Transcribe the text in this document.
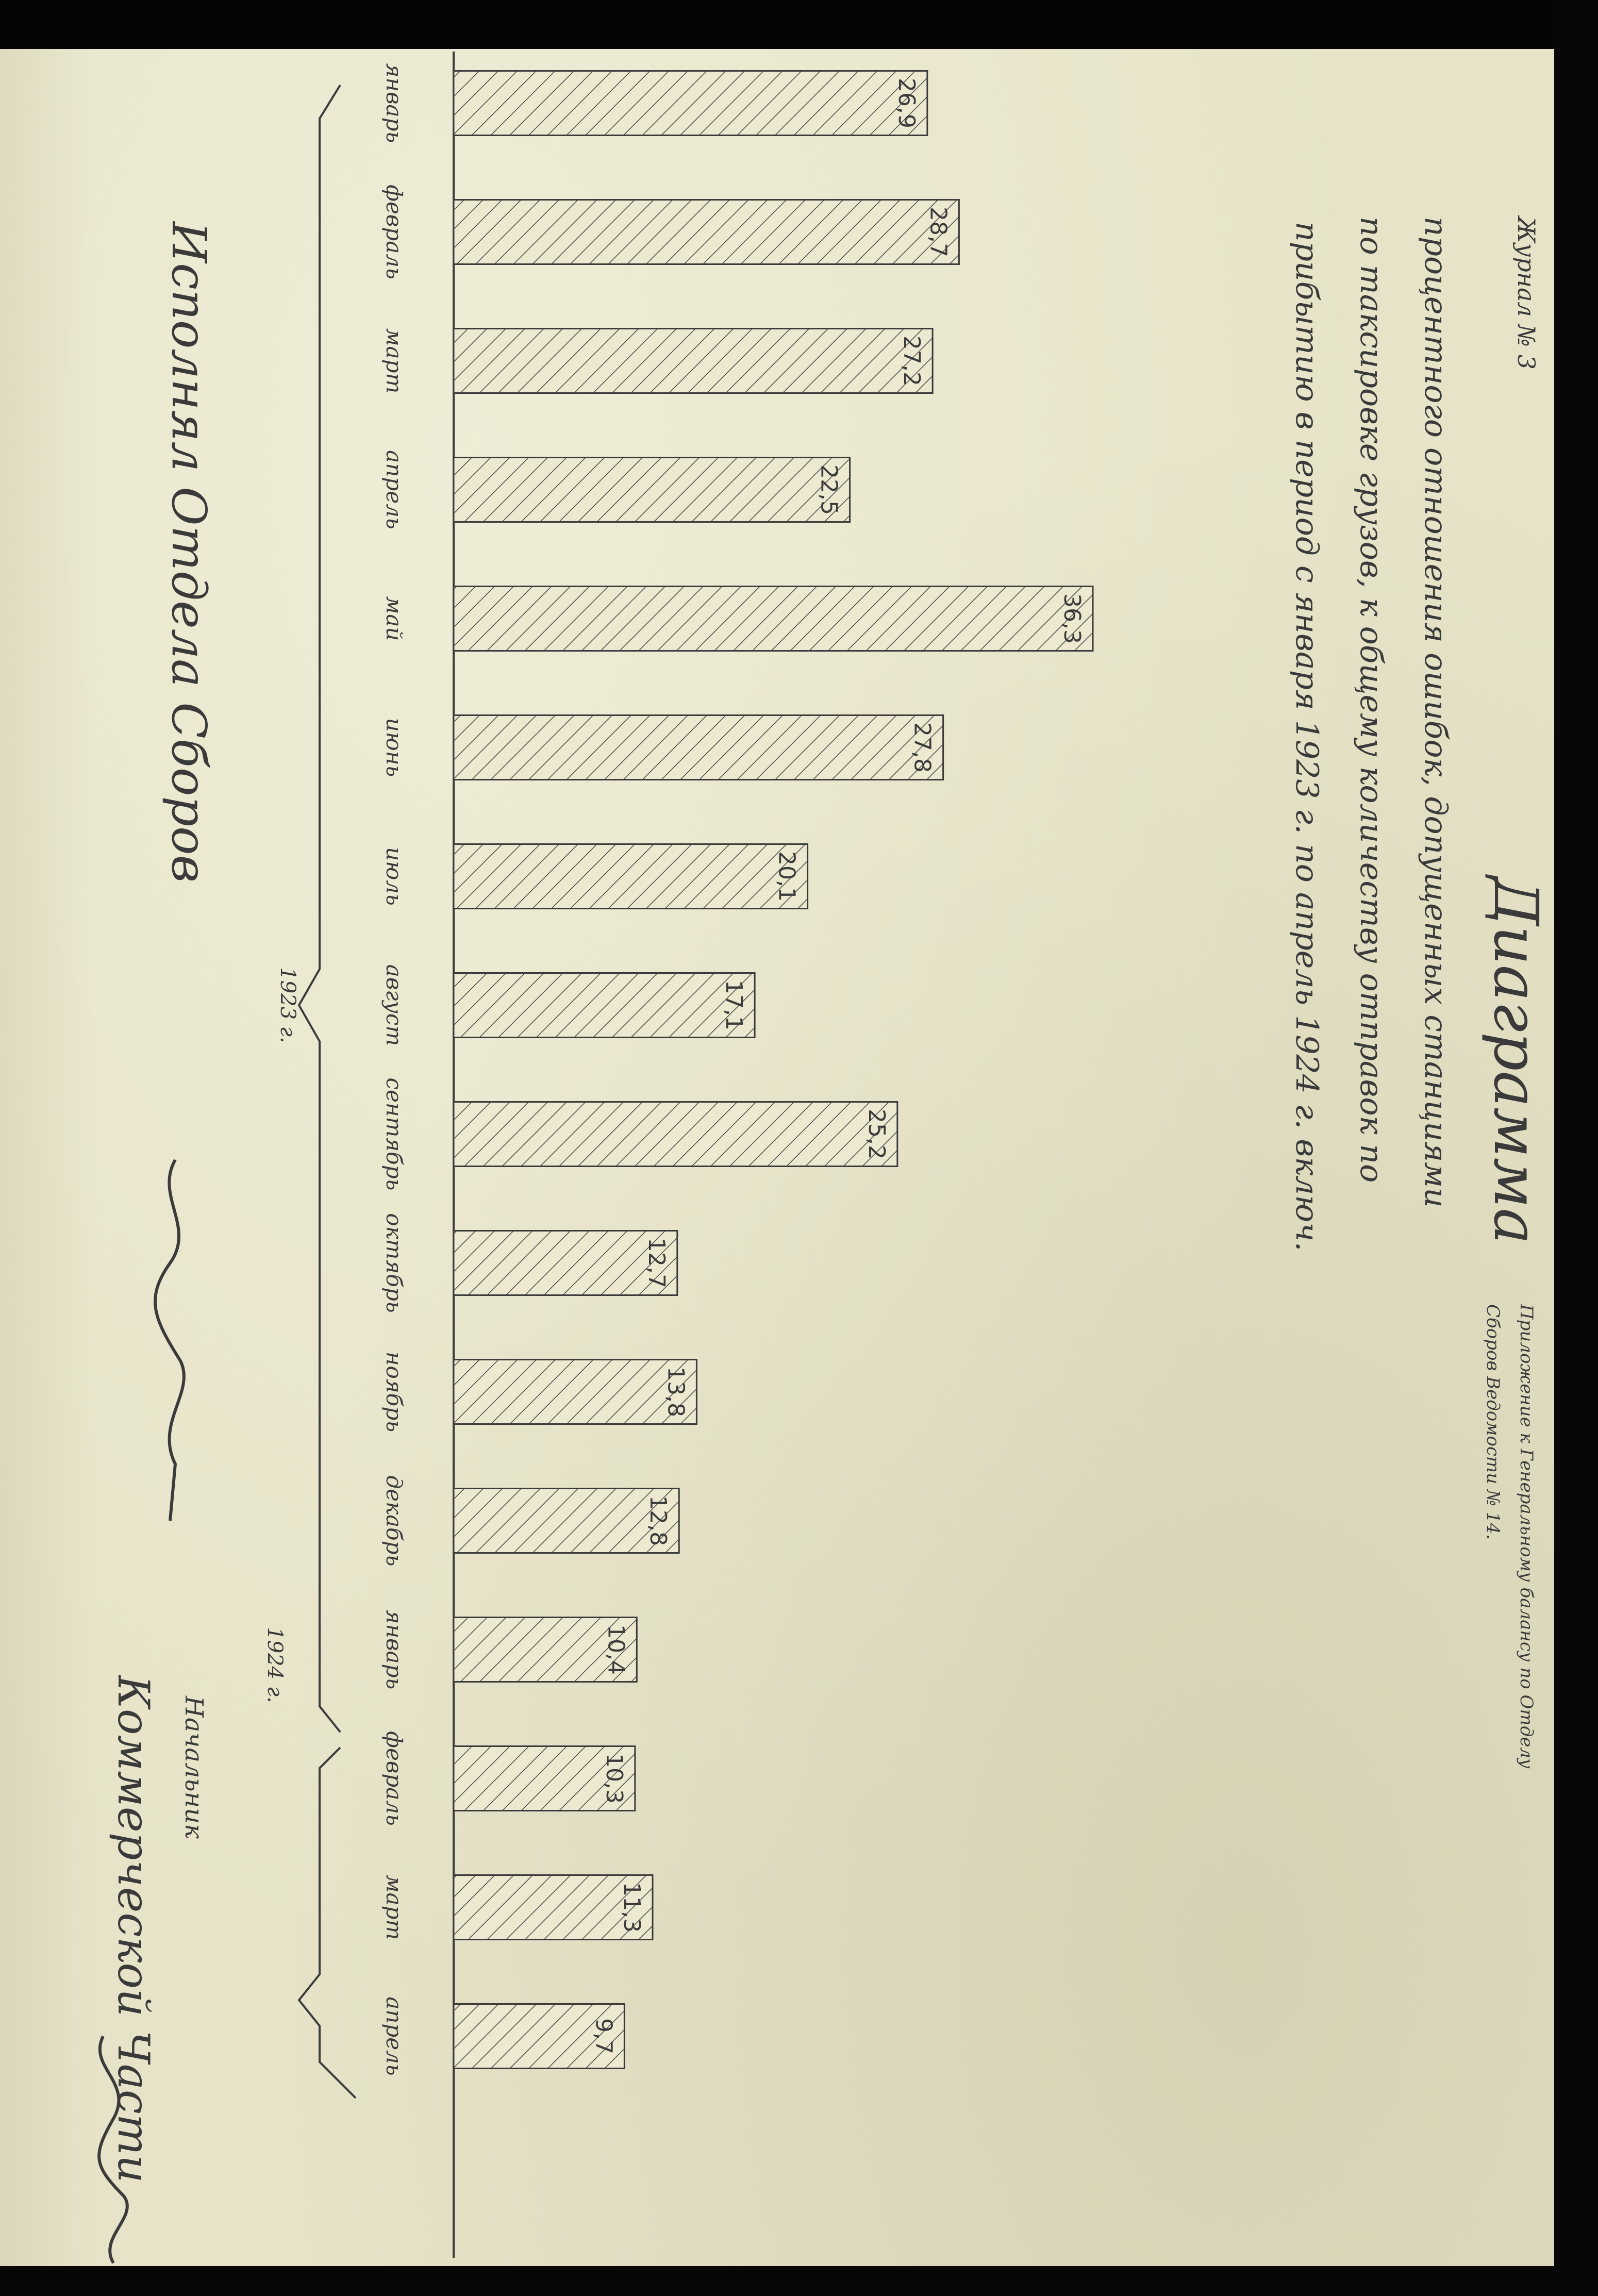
январь
февраль
март
апрель
май
июнь
июль
август
сентябрь
октябрь
ноябрь
декабрь
январь
февраль
март
апрель
26,9
28,7
27,2
22,5
36,3
27,8
20,1
17,1
25,2
12,7
13,8
12,8
10,4
10,3
11,3
9,7
1923 г.
1924 г.
Журнал № 3
Диаграмма
Приложение к Генеральному балансу по Отделу
Сборов Ведомости № 14.
процентного отношения ошибок, допущенных станциями
по таксировке грузов, к общему количеству отправок по
прибытию в период с января 1923 г. по апрель 1924 г. включ.
Исполнял Отдела Сборов
Начальник
Коммерческой Части
